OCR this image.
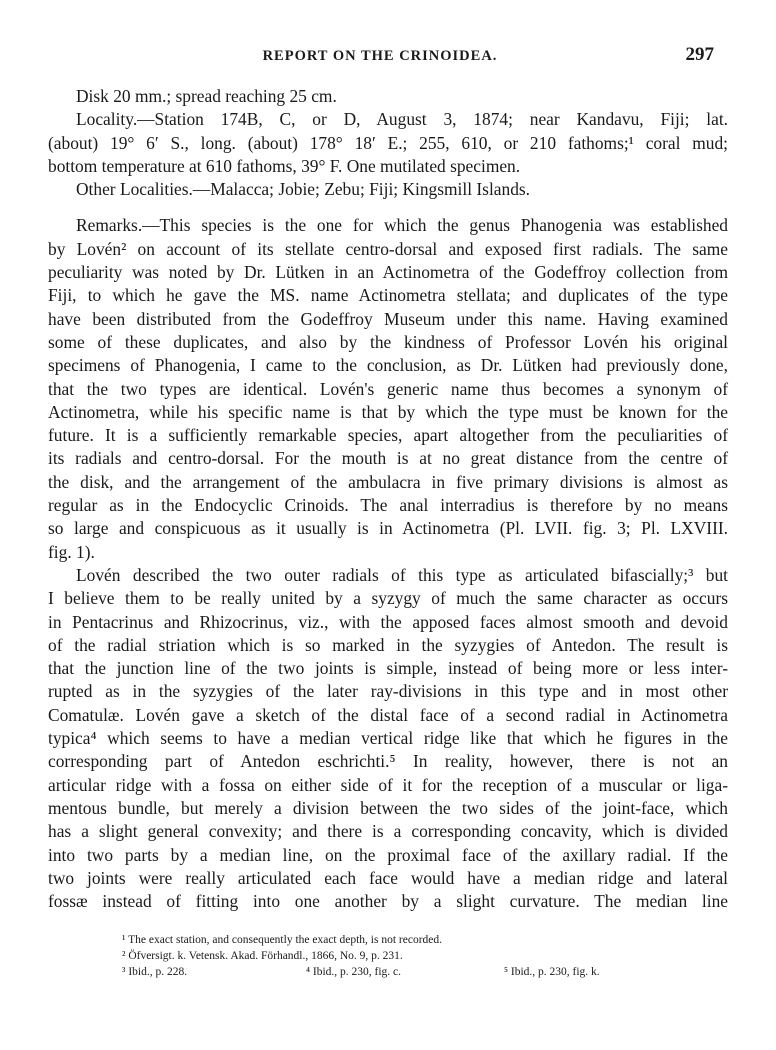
REPORT ON THE CRINOIDEA.	297
Disk 20 mm.; spread reaching 25 cm.
Locality.—Station 174B, C, or D, August 3, 1874; near Kandavu, Fiji; lat.
(about) 19° 6′ S., long. (about) 178° 18′ E.; 255, 610, or 210 fathoms;¹ coral mud;
bottom temperature at 610 fathoms, 39° F. One mutilated specimen.
Other Localities.—Malacca; Jobie; Zebu; Fiji; Kingsmill Islands.
Remarks.—This species is the one for which the genus Phanogenia was established
by Lovén² on account of its stellate centro-dorsal and exposed first radials. The same
peculiarity was noted by Dr. Lütken in an Actinometra of the Godeffroy collection from
Fiji, to which he gave the MS. name Actinometra stellata; and duplicates of the type
have been distributed from the Godeffroy Museum under this name. Having examined
some of these duplicates, and also by the kindness of Professor Lovén his original
specimens of Phanogenia, I came to the conclusion, as Dr. Lütken had previously done,
that the two types are identical. Lovén's generic name thus becomes a synonym of
Actinometra, while his specific name is that by which the type must be known for the
future. It is a sufficiently remarkable species, apart altogether from the peculiarities of
its radials and centro-dorsal. For the mouth is at no great distance from the centre of
the disk, and the arrangement of the ambulacra in five primary divisions is almost as
regular as in the Endocyclic Crinoids. The anal interradius is therefore by no means
so large and conspicuous as it usually is in Actinometra (Pl. LVII. fig. 3; Pl. LXVIII.
fig. 1).
Lovén described the two outer radials of this type as articulated bifascially;³ but
I believe them to be really united by a syzygy of much the same character as occurs
in Pentacrinus and Rhizocrinus, viz., with the apposed faces almost smooth and devoid
of the radial striation which is so marked in the syzygies of Antedon. The result is
that the junction line of the two joints is simple, instead of being more or less inter-
rupted as in the syzygies of the later ray-divisions in this type and in most other
Comatulæ. Lovén gave a sketch of the distal face of a second radial in Actinometra
typica⁴ which seems to have a median vertical ridge like that which he figures in the
corresponding part of Antedon eschrichti.⁵ In reality, however, there is not an
articular ridge with a fossa on either side of it for the reception of a muscular or liga-
mentous bundle, but merely a division between the two sides of the joint-face, which
has a slight general convexity; and there is a corresponding concavity, which is divided
into two parts by a median line, on the proximal face of the axillary radial. If the
two joints were really articulated each face would have a median ridge and lateral
fossæ instead of fitting into one another by a slight curvature. The median line
¹ The exact station, and consequently the exact depth, is not recorded.
² Öfversigt. k. Vetensk. Akad. Förhandl., 1866, No. 9, p. 231.
³ Ibid., p. 228.	⁴ Ibid., p. 230, fig. c.	⁵ Ibid., p. 230, fig. k.
